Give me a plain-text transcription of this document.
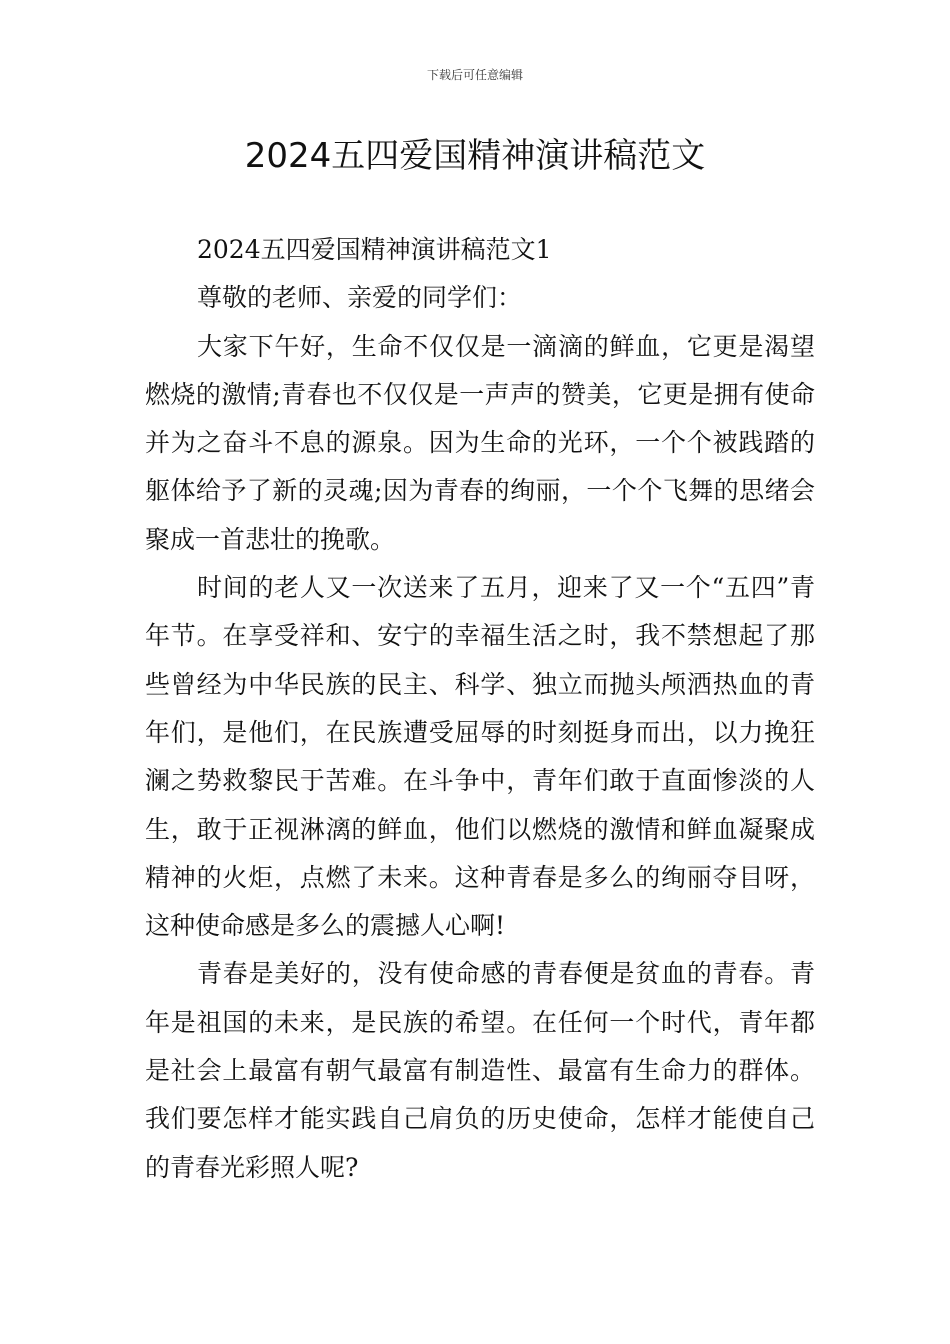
下载后可任意编辑
2024五四爱国精神演讲稿范文

2024五四爱国精神演讲稿范文1

尊敬的老师、亲爱的同学们：

大家下午好，生命不仅仅是一滴滴的鲜血，它更是渴望燃烧的激情;青春也不仅仅是一声声的赞美，它更是拥有使命并为之奋斗不息的源泉。因为生命的光环，一个个被践踏的躯体给予了新的灵魂;因为青春的绚丽，一个个飞舞的思绪会聚成一首悲壮的挽歌。

时间的老人又一次送来了五月，迎来了又一个“五四”青年节。在享受祥和、安宁的幸福生活之时，我不禁想起了那些曾经为中华民族的民主、科学、独立而抛头颅洒热血的青年们，是他们，在民族遭受屈辱的时刻挺身而出，以力挽狂澜之势救黎民于苦难。在斗争中，青年们敢于直面惨淡的人生，敢于正视淋漓的鲜血，他们以燃烧的激情和鲜血凝聚成精神的火炬，点燃了未来。这种青春是多么的绚丽夺目呀，这种使命感是多么的震撼人心啊!

青春是美好的，没有使命感的青春便是贫血的青春。青年是祖国的未来，是民族的希望。在任何一个时代，青年都是社会上最富有朝气最富有制造性、最富有生命力的群体。我们要怎样才能实践自己肩负的历史使命，怎样才能使自己的青春光彩照人呢?
